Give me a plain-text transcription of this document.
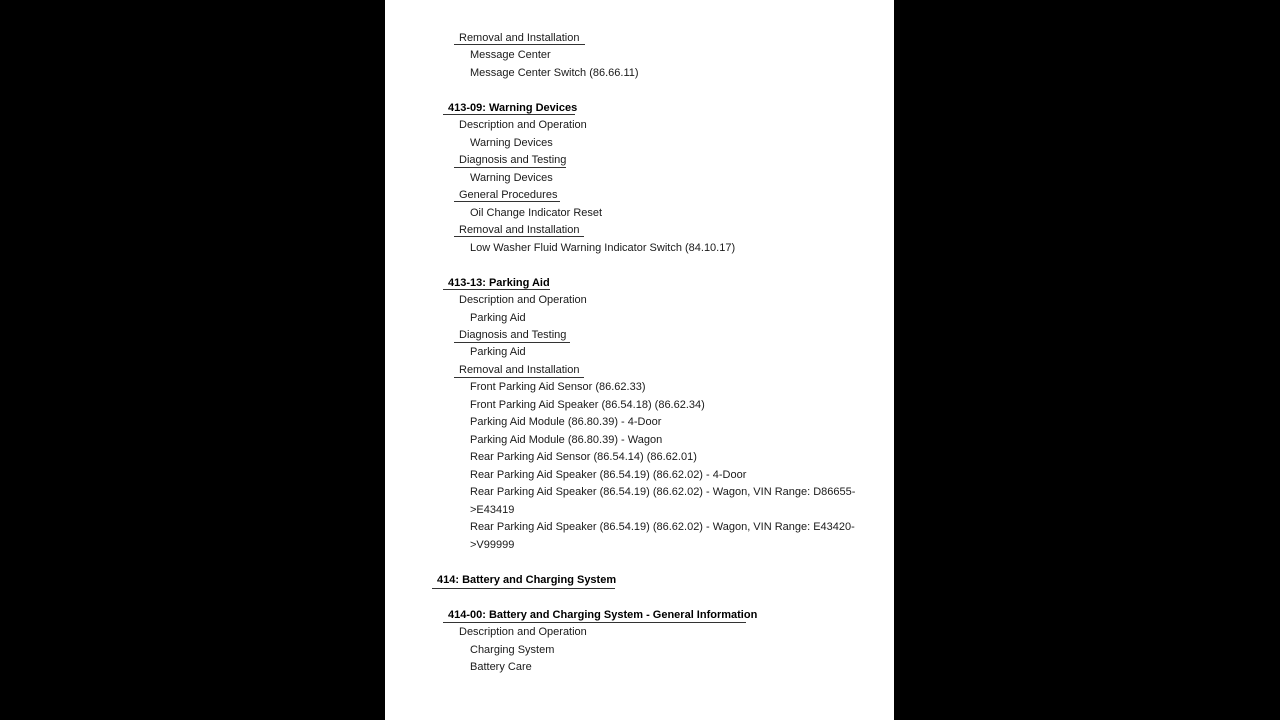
Removal and Installation
Message Center
Message Center Switch (86.66.11)
413-09: Warning Devices
Description and Operation
Warning Devices
Diagnosis and Testing
Warning Devices
General Procedures
Oil Change Indicator Reset
Removal and Installation
Low Washer Fluid Warning Indicator Switch (84.10.17)
413-13: Parking Aid
Description and Operation
Parking Aid
Diagnosis and Testing
Parking Aid
Removal and Installation
Front Parking Aid Sensor (86.62.33)
Front Parking Aid Speaker (86.54.18) (86.62.34)
Parking Aid Module (86.80.39) - 4-Door
Parking Aid Module (86.80.39) - Wagon
Rear Parking Aid Sensor (86.54.14) (86.62.01)
Rear Parking Aid Speaker (86.54.19) (86.62.02) - 4-Door
Rear Parking Aid Speaker (86.54.19) (86.62.02) - Wagon, VIN Range: D86655-
>E43419
Rear Parking Aid Speaker (86.54.19) (86.62.02) - Wagon, VIN Range: E43420-
>V99999
414: Battery and Charging System
414-00: Battery and Charging System - General Information
Description and Operation
Charging System
Battery Care
